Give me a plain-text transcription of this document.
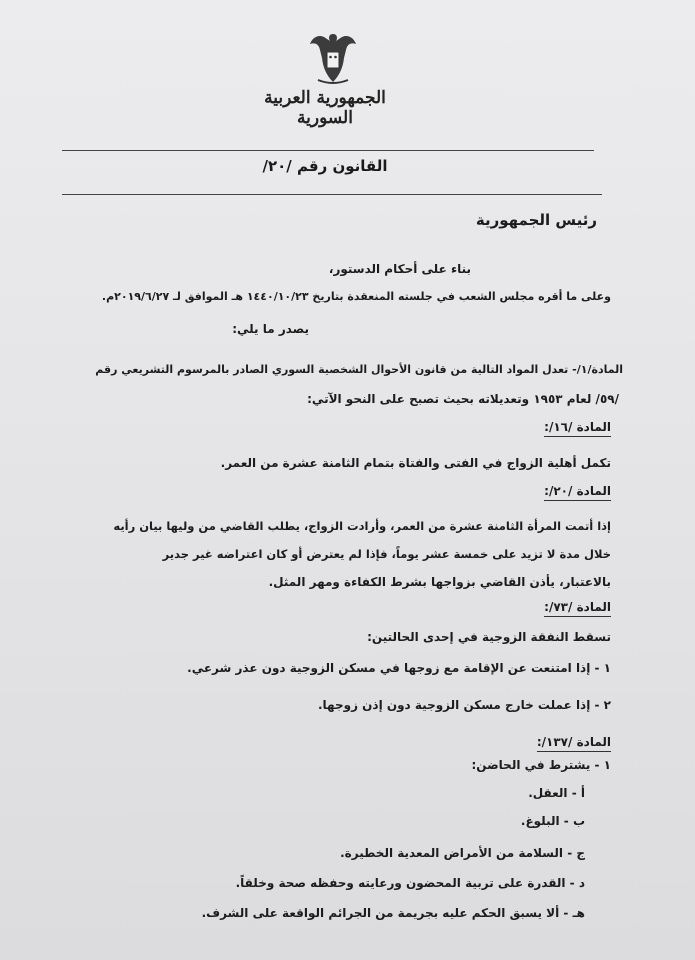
الجمهورية العربية السورية
القانون رقم /٢٠/
رئيس الجمهورية
بناء على أحكام الدستور،
وعلى ما أقره مجلس الشعب في جلسته المنعقدة بتاريخ ١٤٤٠/١٠/٢٣ هـ الموافق لـ ٢٠١٩/٦/٢٧م.
يصدر ما يلي:
المادة/١/- تعدل المواد التالية من قانون الأحوال الشخصية السوري الصادر بالمرسوم التشريعي رقم
/٥٩/ لعام ١٩٥٣ وتعديلاته بحيث تصبح على النحو الآتي:
المادة /١٦/:
تكمل أهلية الزواج في الفتى والفتاة بتمام الثامنة عشرة من العمر.
المادة /٢٠/:
إذا أتمت المرأة الثامنة عشرة من العمر، وأرادت الزواج، يطلب القاضي من وليها بيان رأيه
خلال مدة لا تزيد على خمسة عشر يوماً، فإذا لم يعترض أو كان اعتراضه غير جدير
بالاعتبار، يأذن القاضي بزواجها بشرط الكفاءة ومهر المثل.
المادة /٧٣/:
تسقط النفقة الزوجية في إحدى الحالتين:
١ - إذا امتنعت عن الإقامة مع زوجها في مسكن الزوجية دون عذر شرعي.
٢ - إذا عملت خارج مسكن الزوجية دون إذن زوجها.
المادة /١٣٧/:
١ - يشترط في الحاضن:
أ - العقل.
ب - البلوغ.
ج - السلامة من الأمراض المعدية الخطيرة.
د - القدرة على تربية المحضون ورعايته وحفظه صحة وخلقاً.
هـ - ألا يسبق الحكم عليه بجريمة من الجرائم الواقعة على الشرف.
